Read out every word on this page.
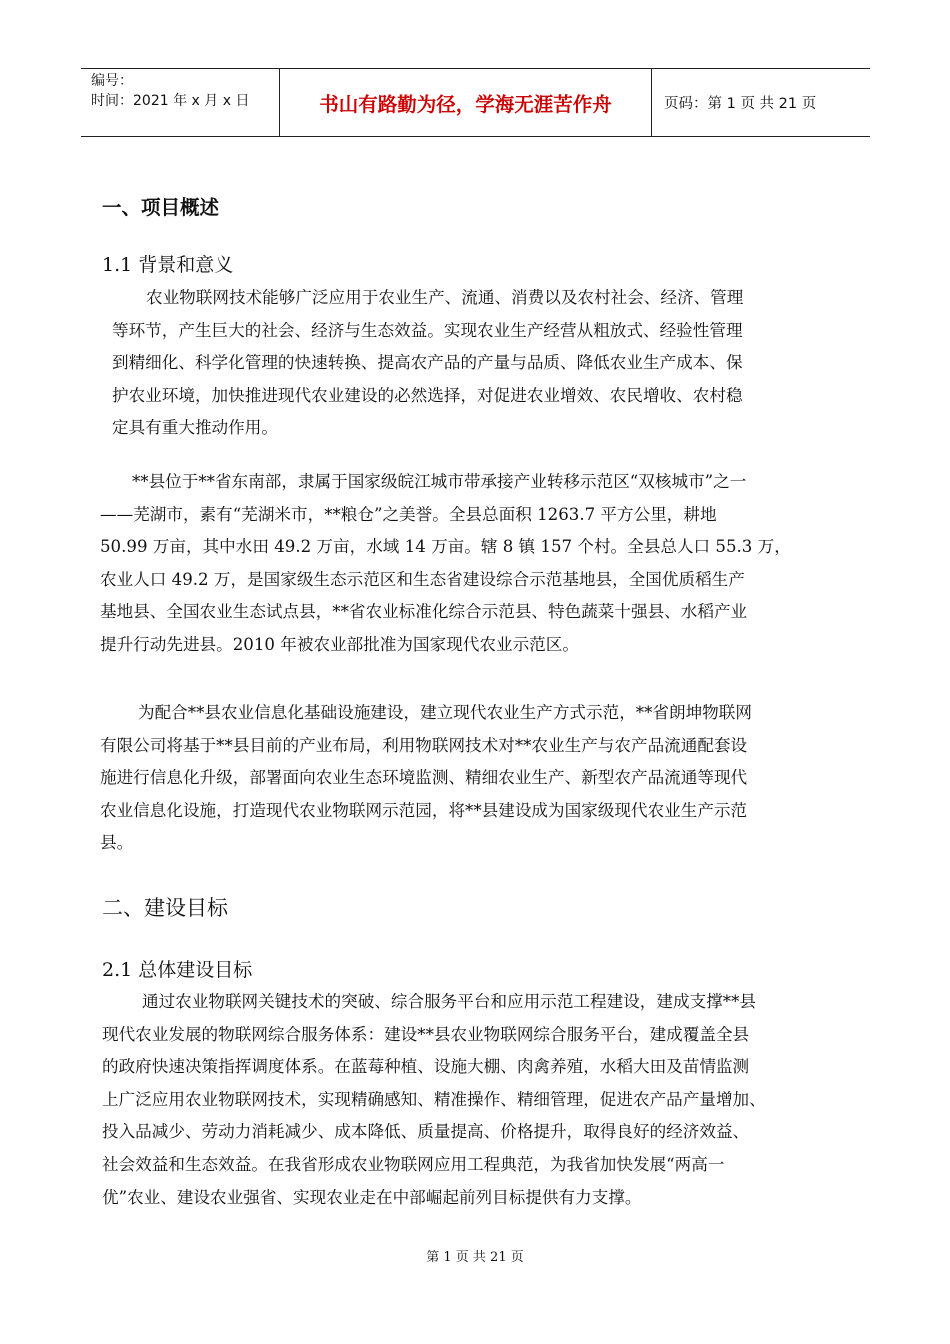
编号：
时间：2021 年 x 月 x 日	书山有路勤为径，学海无涯苦作舟	页码：第 1 页 共 21 页
一、项目概述
1.1 背景和意义
农业物联网技术能够广泛应用于农业生产、流通、消费以及农村社会、经济、管理
等环节，产生巨大的社会、经济与生态效益。实现农业生产经营从粗放式、经验性管理
到精细化、科学化管理的快速转换、提高农产品的产量与品质、降低农业生产成本、保
护农业环境，加快推进现代农业建设的必然选择，对促进农业增效、农民增收、农村稳
定具有重大推动作用。
**县位于**省东南部，隶属于国家级皖江城市带承接产业转移示范区“双核城市”之一
——芜湖市，素有“芜湖米市，**粮仓”之美誉。全县总面积 1263.7 平方公里，耕地
50.99 万亩，其中水田 49.2 万亩，水域 14 万亩。辖 8 镇 157 个村。全县总人口 55.3 万，
农业人口 49.2 万，是国家级生态示范区和生态省建设综合示范基地县，全国优质稻生产
基地县、全国农业生态试点县，**省农业标准化综合示范县、特色蔬菜十强县、水稻产业
提升行动先进县。2010 年被农业部批准为国家现代农业示范区。
为配合**县农业信息化基础设施建设，建立现代农业生产方式示范，**省朗坤物联网
有限公司将基于**县目前的产业布局，利用物联网技术对**农业生产与农产品流通配套设
施进行信息化升级，部署面向农业生态环境监测、精细农业生产、新型农产品流通等现代
农业信息化设施，打造现代农业物联网示范园，将**县建设成为国家级现代农业生产示范
县。
二、建设目标
2.1 总体建设目标
通过农业物联网关键技术的突破、综合服务平台和应用示范工程建设，建成支撑**县
现代农业发展的物联网综合服务体系：建设**县农业物联网综合服务平台，建成覆盖全县
的政府快速决策指挥调度体系。在蓝莓种植、设施大棚、肉禽养殖，水稻大田及苗情监测
上广泛应用农业物联网技术，实现精确感知、精准操作、精细管理，促进农产品产量增加、
投入品减少、劳动力消耗减少、成本降低、质量提高、价格提升，取得良好的经济效益、
社会效益和生态效益。在我省形成农业物联网应用工程典范，为我省加快发展“两高一
优”农业、建设农业强省、实现农业走在中部崛起前列目标提供有力支撑。
第 1 页 共 21 页
